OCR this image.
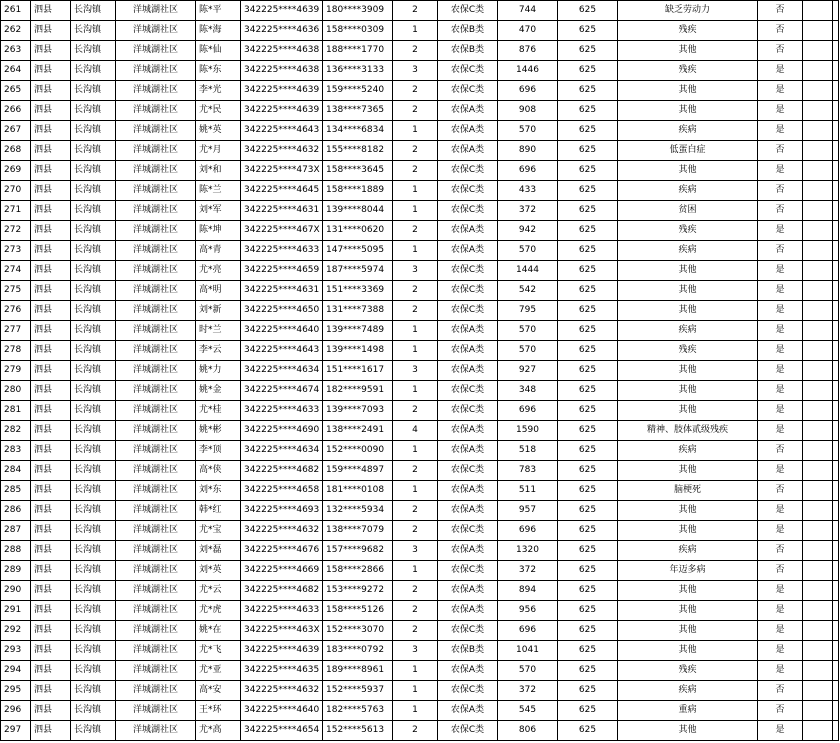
261	泗县	长沟镇	洋城湖社区	陈*平	342225****4639	180****3909	2	农保C类	744	625	缺乏劳动力	否		
262	泗县	长沟镇	洋城湖社区	陈*海	342225****4636	158****0309	1	农保B类	470	625	残疾	否		
263	泗县	长沟镇	洋城湖社区	陈*仙	342225****4638	188****1770	2	农保B类	876	625	其他	否		
264	泗县	长沟镇	洋城湖社区	陈*东	342225****4638	136****3133	3	农保C类	1446	625	残疾	是		
265	泗县	长沟镇	洋城湖社区	李*光	342225****4639	159****5240	2	农保C类	696	625	其他	是		
266	泗县	长沟镇	洋城湖社区	尤*民	342225****4639	138****7365	2	农保A类	908	625	其他	是		
267	泗县	长沟镇	洋城湖社区	姚*英	342225****4643	134****6834	1	农保A类	570	625	疾病	是		
268	泗县	长沟镇	洋城湖社区	尤*月	342225****4632	155****8182	2	农保A类	890	625	低蛋白症	否		
269	泗县	长沟镇	洋城湖社区	刘*和	342225****473X	158****3645	2	农保C类	696	625	其他	是		
270	泗县	长沟镇	洋城湖社区	陈*兰	342225****4645	158****1889	1	农保C类	433	625	疾病	否		
271	泗县	长沟镇	洋城湖社区	刘*军	342225****4631	139****8044	1	农保C类	372	625	贫困	否		
272	泗县	长沟镇	洋城湖社区	陈*坤	342225****467X	131****0620	2	农保A类	942	625	残疾	是		
273	泗县	长沟镇	洋城湖社区	高*青	342225****4633	147****5095	1	农保A类	570	625	疾病	否		
274	泗县	长沟镇	洋城湖社区	尤*亮	342225****4659	187****5974	3	农保C类	1444	625	其他	是		
275	泗县	长沟镇	洋城湖社区	高*明	342225****4631	151****3369	2	农保C类	542	625	其他	是		
276	泗县	长沟镇	洋城湖社区	刘*新	342225****4650	131****7388	2	农保C类	795	625	其他	是		
277	泗县	长沟镇	洋城湖社区	时*兰	342225****4640	139****7489	1	农保A类	570	625	疾病	是		
278	泗县	长沟镇	洋城湖社区	李*云	342225****4643	139****1498	1	农保A类	570	625	残疾	是		
279	泗县	长沟镇	洋城湖社区	姚*力	342225****4634	151****1617	3	农保A类	927	625	其他	是		
280	泗县	长沟镇	洋城湖社区	姚*金	342225****4674	182****9591	1	农保C类	348	625	其他	是		
281	泗县	长沟镇	洋城湖社区	尤*桂	342225****4633	139****7093	2	农保C类	696	625	其他	是		
282	泗县	长沟镇	洋城湖社区	姚*彬	342225****4690	138****2491	4	农保A类	1590	625	精神、肢体贰级残疾	是		
283	泗县	长沟镇	洋城湖社区	李*顶	342225****4634	152****0090	1	农保A类	518	625	疾病	否		
284	泗县	长沟镇	洋城湖社区	高*侠	342225****4682	159****4897	2	农保C类	783	625	其他	是		
285	泗县	长沟镇	洋城湖社区	刘*东	342225****4658	181****0108	1	农保A类	511	625	脑梗死	否		
286	泗县	长沟镇	洋城湖社区	韩*红	342225****4693	132****5934	2	农保A类	957	625	其他	是		
287	泗县	长沟镇	洋城湖社区	尤*宝	342225****4632	138****7079	2	农保C类	696	625	其他	是		
288	泗县	长沟镇	洋城湖社区	刘*磊	342225****4676	157****9682	3	农保A类	1320	625	疾病	否		
289	泗县	长沟镇	洋城湖社区	刘*英	342225****4669	158****2866	1	农保C类	372	625	年迈多病	否		
290	泗县	长沟镇	洋城湖社区	尤*云	342225****4682	153****9272	2	农保A类	894	625	其他	是		
291	泗县	长沟镇	洋城湖社区	尤*虎	342225****4633	158****5126	2	农保A类	956	625	其他	是		
292	泗县	长沟镇	洋城湖社区	姚*在	342225****463X	152****3070	2	农保C类	696	625	其他	是		
293	泗县	长沟镇	洋城湖社区	尤*飞	342225****4639	183****0792	3	农保B类	1041	625	其他	是		
294	泗县	长沟镇	洋城湖社区	尤*亚	342225****4635	189****8961	1	农保A类	570	625	残疾	是		
295	泗县	长沟镇	洋城湖社区	高*安	342225****4632	152****5937	1	农保C类	372	625	疾病	否		
296	泗县	长沟镇	洋城湖社区	王*环	342225****4640	182****5763	1	农保A类	545	625	重病	否		
297	泗县	长沟镇	洋城湖社区	尤*高	342225****4654	152****5613	2	农保C类	806	625	其他	是		
